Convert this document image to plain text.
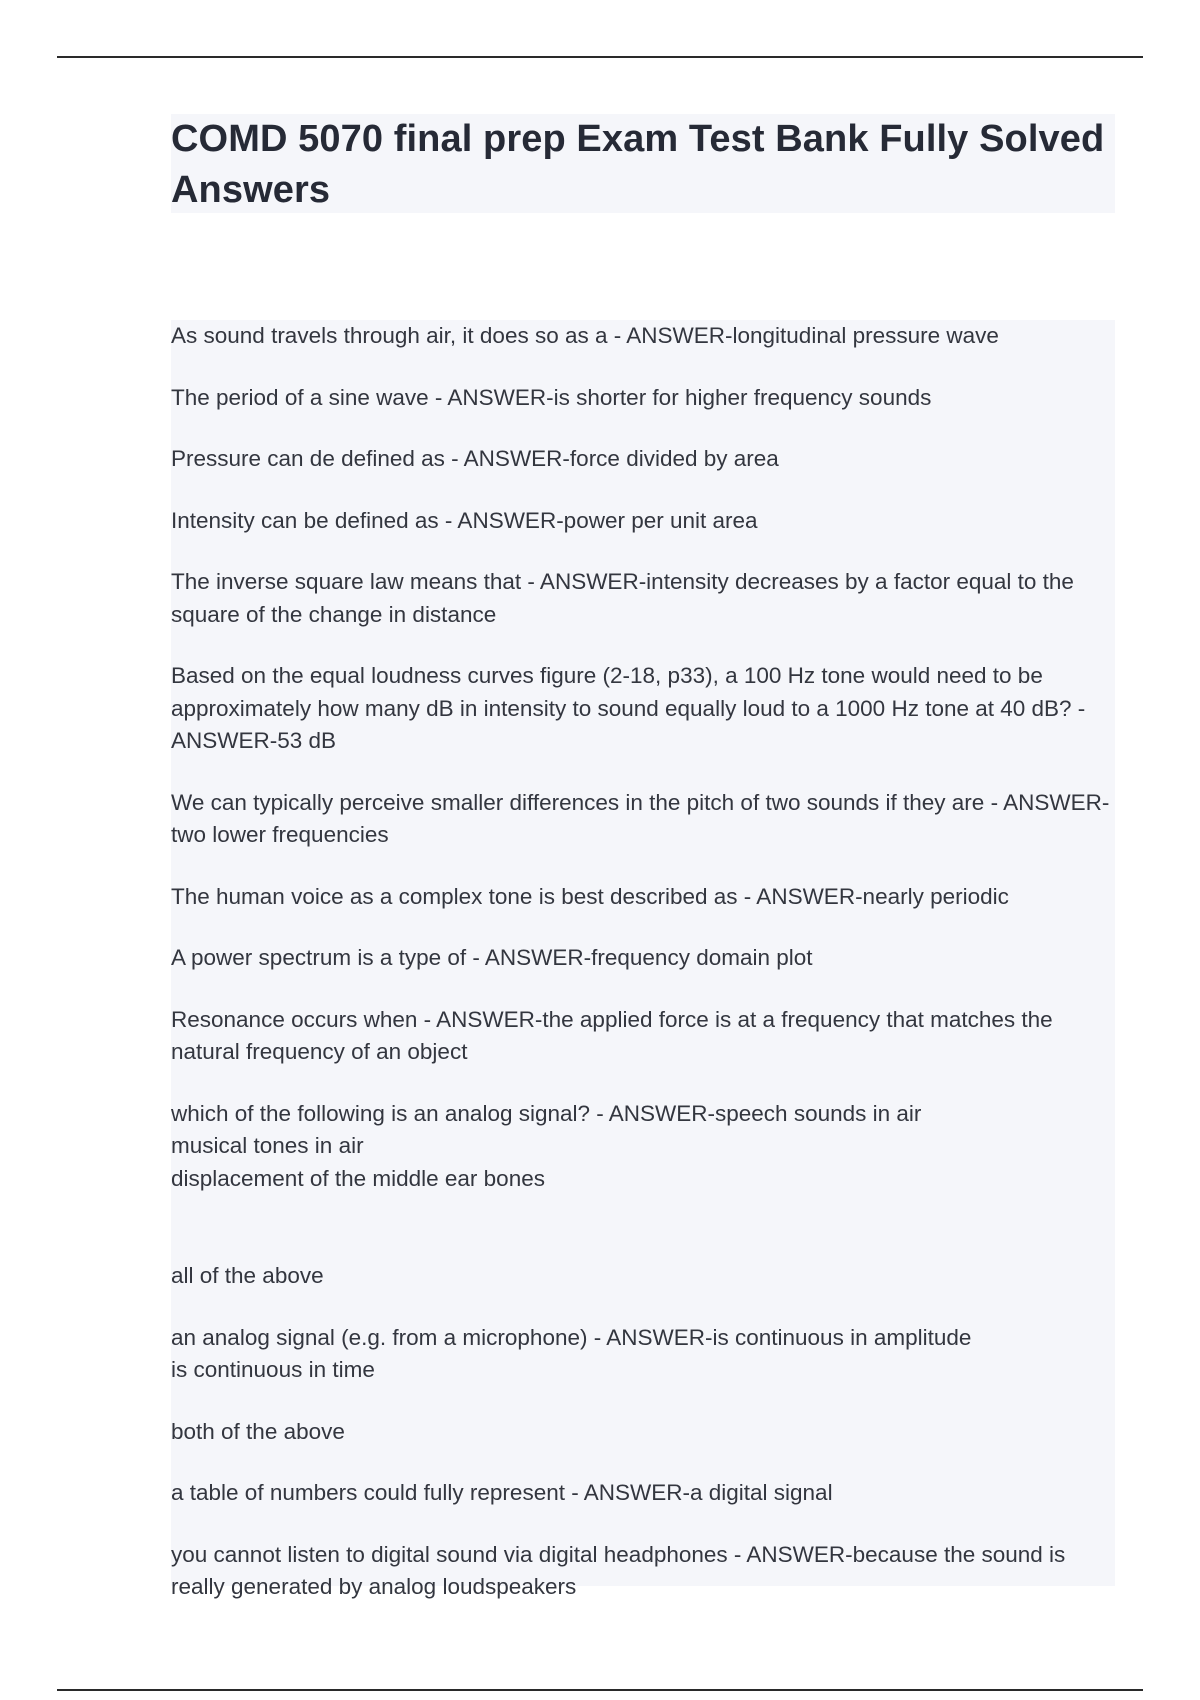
COMD 5070 final prep Exam Test Bank Fully Solved Answers
As sound travels through air, it does so as a - ANSWER-longitudinal pressure wave
The period of a sine wave - ANSWER-is shorter for higher frequency sounds
Pressure can de defined as - ANSWER-force divided by area
Intensity can be defined as - ANSWER-power per unit area
The inverse square law means that - ANSWER-intensity decreases by a factor equal to the square of the change in distance
Based on the equal loudness curves figure (2-18, p33), a 100 Hz tone would need to be approximately how many dB in intensity to sound equally loud to a 1000 Hz tone at 40 dB? - ANSWER-53 dB
We can typically perceive smaller differences in the pitch of two sounds if they are - ANSWER-two lower frequencies
The human voice as a complex tone is best described as - ANSWER-nearly periodic
A power spectrum is a type of - ANSWER-frequency domain plot
Resonance occurs when - ANSWER-the applied force is at a frequency that matches the natural frequency of an object
which of the following is an analog signal? - ANSWER-speech sounds in air
musical tones in air
displacement of the middle ear bones

all of the above
an analog signal (e.g. from a microphone) - ANSWER-is continuous in amplitude
is continuous in time
both of the above
a table of numbers could fully represent - ANSWER-a digital signal
you cannot listen to digital sound via digital headphones - ANSWER-because the sound is really generated by analog loudspeakers
